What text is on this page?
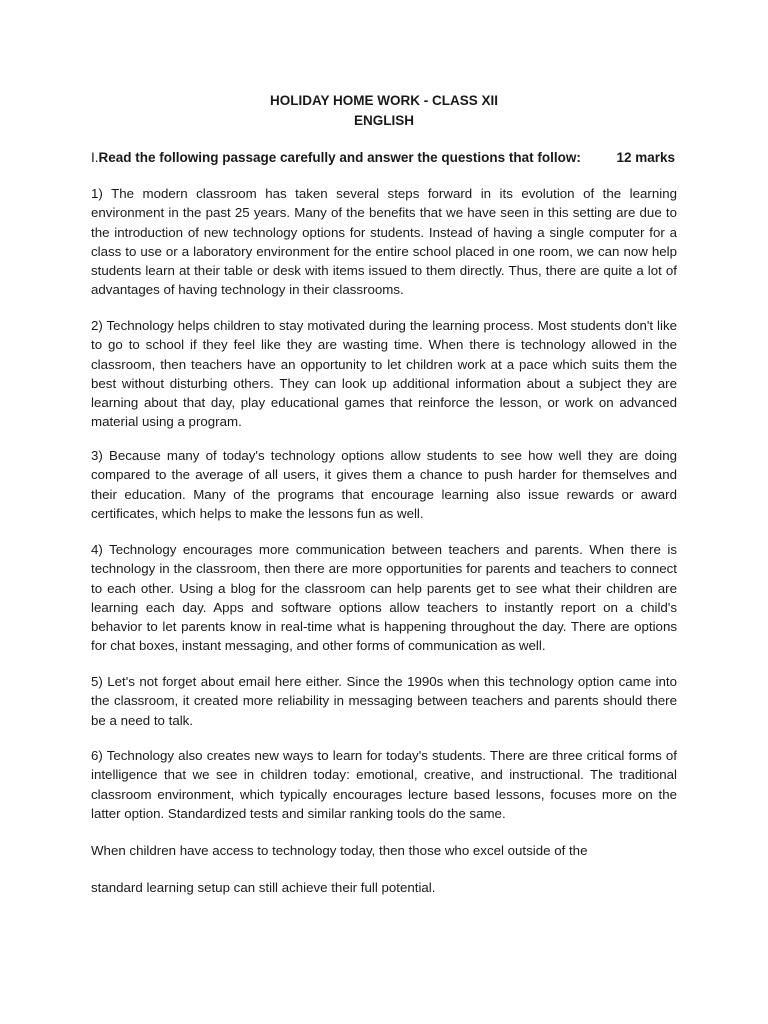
HOLIDAY HOME WORK - CLASS XII
ENGLISH
I.Read the following passage carefully and answer the questions that follow:	12 marks

1) The modern classroom has taken several steps forward in its evolution of the learning environment in the past 25 years. Many of the benefits that we have seen in this setting are due to the introduction of new technology options for students. Instead of having a single computer for a class to use or a laboratory environment for the entire school placed in one room, we can now help students learn at their table or desk with items issued to them directly. Thus, there are quite a lot of advantages of having technology in their classrooms.

2) Technology helps children to stay motivated during the learning process. Most students don't like to go to school if they feel like they are wasting time. When there is technology allowed in the classroom, then teachers have an opportunity to let children work at a pace which suits them the best without disturbing others. They can look up additional information about a subject they are learning about that day, play educational games that reinforce the lesson, or work on advanced material using a program.

3) Because many of today's technology options allow students to see how well they are doing compared to the average of all users, it gives them a chance to push harder for themselves and their education. Many of the programs that encourage learning also issue rewards or award certificates, which helps to make the lessons fun as well.

4) Technology encourages more communication between teachers and parents. When there is technology in the classroom, then there are more opportunities for parents and teachers to connect to each other. Using a blog for the classroom can help parents get to see what their children are learning each day. Apps and software options allow teachers to instantly report on a child's behavior to let parents know in real-time what is happening throughout the day. There are options for chat boxes, instant messaging, and other forms of communication as well.

5) Let's not forget about email here either. Since the 1990s when this technology option came into the classroom, it created more reliability in messaging between teachers and parents should there be a need to talk.

6) Technology also creates new ways to learn for today's students. There are three critical forms of intelligence that we see in children today: emotional, creative, and instructional. The traditional classroom environment, which typically encourages lecture based lessons, focuses more on the latter option. Standardized tests and similar ranking tools do the same.

When children have access to technology today, then those who excel outside of the

standard learning setup can still achieve their full potential.
